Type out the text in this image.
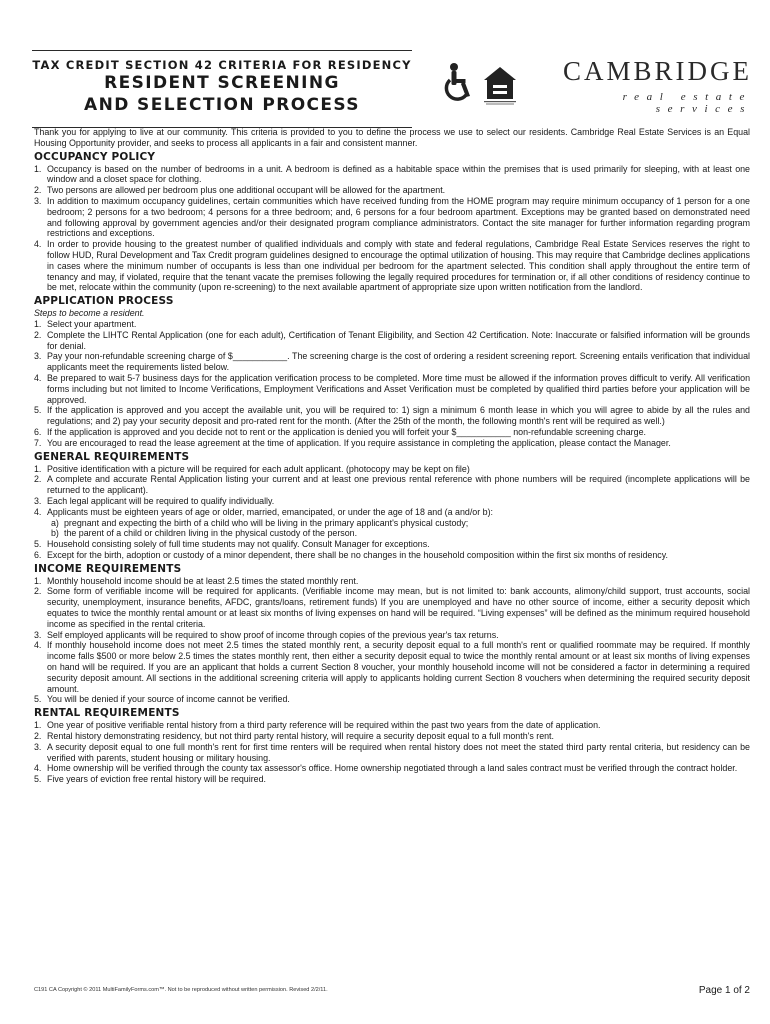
TAX CREDIT SECTION 42 CRITERIA FOR RESIDENCY
RESIDENT SCREENING
AND SELECTION PROCESS
CAMBRIDGE
real estate services

Thank you for applying to live at our community. This criteria is provided to you to define the process we use to select our residents. Cambridge Real Estate Services is an Equal Housing Opportunity provider, and seeks to process all applicants in a fair and consistent manner.

OCCUPANCY POLICY
1. Occupancy is based on the number of bedrooms in a unit. A bedroom is defined as a habitable space within the premises that is used primarily for sleeping, with at least one window and a closet space for clothing.
2. Two persons are allowed per bedroom plus one additional occupant will be allowed for the apartment.
3. In addition to maximum occupancy guidelines, certain communities which have received funding from the HOME program may require minimum occupancy of 1 person for a one bedroom; 2 persons for a two bedroom; 4 persons for a three bedroom; and, 6 persons for a four bedroom apartment. Exceptions may be granted based on demonstrated need and following approval by government agencies and/or their designated program compliance administrators. Contact the site manager for further information regarding program restrictions and exceptions.
4. In order to provide housing to the greatest number of qualified individuals and comply with state and federal regulations, Cambridge Real Estate Services reserves the right to follow HUD, Rural Development and Tax Credit program guidelines designed to encourage the optimal utilization of housing. This may require that Cambridge declines applications in cases where the minimum number of occupants is less than one individual per bedroom for the apartment selected. This condition shall apply throughout the entire term of tenancy and may, if violated, require that the tenant vacate the premises following the legally required procedures for termination or, if all other conditions of residency continue to be met, relocate within the community (upon re-screening) to the next available apartment of appropriate size upon written notification from the landlord.
APPLICATION PROCESS
Steps to become a resident.
1. Select your apartment.
2. Complete the LIHTC Rental Application (one for each adult), Certification of Tenant Eligibility, and Section 42 Certification. Note: Inaccurate or falsified information will be grounds for denial.
3. Pay your non-refundable screening charge of $___________. The screening charge is the cost of ordering a resident screening report. Screening entails verification that individual applicants meet the requirements listed below.
4. Be prepared to wait 5-7 business days for the application verification process to be completed. More time must be allowed if the information proves difficult to verify. All verification forms including but not limited to Income Verifications, Employment Verifications and Asset Verification must be completed by qualified third parties before your application will be approved.
5. If the application is approved and you accept the available unit, you will be required to: 1) sign a minimum 6 month lease in which you will agree to abide by all the rules and regulations; and 2) pay your security deposit and pro-rated rent for the month. (After the 25th of the month, the following month's rent will be required as well.)
6. If the application is approved and you decide not to rent or the application is denied you will forfeit your $___________ non-refundable screening charge.
7. You are encouraged to read the lease agreement at the time of application. If you require assistance in completing the application, please contact the Manager.
GENERAL REQUIREMENTS
1. Positive identification with a picture will be required for each adult applicant. (photocopy may be kept on file)
2. A complete and accurate Rental Application listing your current and at least one previous rental reference with phone numbers will be required (incomplete applications will be returned to the applicant).
3. Each legal applicant will be required to qualify individually.
4. Applicants must be eighteen years of age or older, married, emancipated, or under the age of 18 and (a and/or b):
a) pregnant and expecting the birth of a child who will be living in the primary applicant's physical custody;
b) the parent of a child or children living in the physical custody of the person.
5. Household consisting solely of full time students may not qualify. Consult Manager for exceptions.
6. Except for the birth, adoption or custody of a minor dependent, there shall be no changes in the household composition within the first six months of residency.
INCOME REQUIREMENTS
1. Monthly household income should be at least 2.5 times the stated monthly rent.
2. Some form of verifiable income will be required for applicants. (Verifiable income may mean, but is not limited to: bank accounts, alimony/child support, trust accounts, social security, unemployment, insurance benefits, AFDC, grants/loans, retirement funds) If you are unemployed and have no other source of income, either a security deposit which equates to twice the monthly rental amount or at least six months of living expenses on hand will be required. “Living expenses” will be defined as the minimum required household income as specified in the rental criteria.
3. Self employed applicants will be required to show proof of income through copies of the previous year's tax returns.
4. If monthly household income does not meet 2.5 times the stated monthly rent, a security deposit equal to a full month's rent or qualified roommate may be required. If monthly income falls $500 or more below 2.5 times the states monthly rent, then either a security deposit equal to twice the monthly rental amount or at least six months of living expenses on hand will be required. If you are an applicant that holds a current Section 8 voucher, your monthly household income will not be considered a factor in determining a required security deposit amount. All sections in the additional screening criteria will apply to applicants holding current Section 8 vouchers when determining the required security deposit amount.
5. You will be denied if your source of income cannot be verified.
RENTAL REQUIREMENTS
1. One year of positive verifiable rental history from a third party reference will be required within the past two years from the date of application.
2. Rental history demonstrating residency, but not third party rental history, will require a security deposit equal to a full month's rent.
3. A security deposit equal to one full month's rent for first time renters will be required when rental history does not meet the stated third party rental criteria, but residency can be verified with parents, student housing or military housing.
4. Home ownership will be verified through the county tax assessor's office. Home ownership negotiated through a land sales contract must be verified through the contract holder.
5. Five years of eviction free rental history will be required.
C191 CA Copyright © 2011 MultiFamilyForms.com™. Not to be reproduced without written permission. Revised 2/2/11.	Page 1 of 2
